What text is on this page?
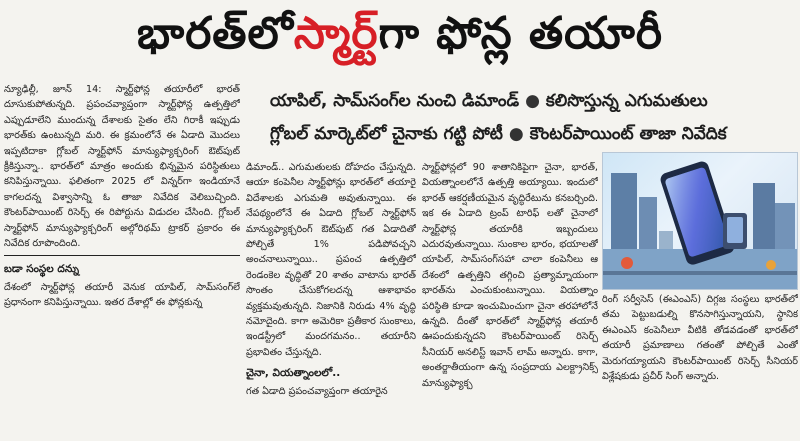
భారత్‌లో స్మార్ట్ గా ఫోన్ల తయారీ
యాపిల్, సామ్‌సంగ్‌ల నుంచి డిమాండ్ ● కలిసొస్తున్న ఎగుమతులు
గ్లోబల్ మార్కెట్‌లో చైనాకు గట్టి పోటీ ● కౌంటర్‌పాయింట్ తాజా నివేదిక

న్యూఢిల్లీ, జూన్ 14: స్మార్ట్‌ఫోన్ల తయారీలో భారత్ దూసుకుపోతున్నది. ప్రపంచవ్యాప్తంగా స్మార్ట్‌ఫోన్ల ఉత్పత్తిలో ఎప్పుడూలేని ముందున్న దేశాలకు సైతం లేని గిరాకీ ఇప్పుడు భారత్‌కు ఉంటున్నది మరి. ఈ క్రమంలోనే ఈ ఏడాది మొదలు ఇప్పటిదాకా గ్లోబల్ స్మార్ట్‌ఫోన్ మాన్యుఫ్యాక్చరింగ్ ఔట్‌పుట్ క్రీకిస్తున్నా.. భారత్‌లో మాత్రం అందుకు భిన్నమైన పరిస్థితులు కనిపిస్తున్నాయి. ఫలితంగా 2025 లో విన్నర్‌గా ఇండియానే కాగలదన్న విశ్వాసాన్ని ఓ తాజా నివేదిక వెలిబుచ్చింది. కౌంటర్‌పాయింట్ రిసెర్చ్ ఈ రిపోర్టును విడుదల చేసింది. గ్లోబల్ స్మార్ట్‌ఫోన్ మాన్యుఫ్యాక్చరింగ్ అల్గోరిథమ్ ట్రాకర్ ప్రకారం ఈ నివేదిక రూపొందింది.

బడా సంస్థల దన్ను

దేశంలో స్మార్ట్‌ఫోన్ల తయారీ వెనుక యాపిల్, సామ్‌సంగ్‌లే ప్రధానంగా కనిపిస్తున్నాయి. ఇతర దేశాల్లో ఈ ఫోన్లకున్న

డిమాండ్.. ఎగుమతులకు దోహదం చేస్తున్నది. ఆయా కంపెనీల స్మార్ట్‌ఫోన్లు భారత్‌లో తయారై విదేశాలకు ఎగుమతి అవుతున్నాయి. ఈ నేపథ్యంలోనే ఈ ఏడాది గ్లోబల్ స్మార్ట్‌ఫోన్ మాన్యుఫ్యాక్చరింగ్ ఔట్‌పుట్ గత ఏడాదితో పోల్చితే 1% పడిపోవచ్చని అంచనాలున్నాయి.. ప్రపంచ ఉత్పత్తిలో రెండంకెల వృద్ధితో 20 శాతం వాటాను భారత్ సొంతం చేసుకోగలదన్న ఆశాభావం వ్యక్తమవుతున్నది. నిజానికి నిరుడు 4% వృద్ధి నమోదైంది. కాగా అమెరికా ప్రతీకార సుంకాలు, ఇండస్ట్రీలో మందగమనం.. తయారీని ప్రభావితం చేస్తున్నది.

చైనా, వియత్నాంలలో..

గత ఏడాది ప్రపంచవ్యాప్తంగా తయారైన

స్మార్ట్‌ఫోన్లలో 90 శాతానికిపైగా చైనా, భారత్, వియత్నాంలలోనే ఉత్పత్తి అయ్యాయి. ఇందులో భారత్ ఆకర్షణీయమైన వృద్ధిరేటును కనబర్చింది. ఇక ఈ ఏడాది ట్రంప్ టారిఫ్ లతో చైనాలో స్మార్ట్‌ఫోన్ల తయారీకి ఇబ్బందులు ఎదురవుతున్నాయి. సుంకాల భారం, భయాలతో యాపిల్, సామ్‌సంగ్‌సహా చాలా కంపెనీలు ఆ దేశంలో ఉత్పత్తిని తగ్గించి ప్రత్యామ్నాయంగా భారత్‌ను ఎంచుకుంటున్నాయి. వియత్నాం పరిస్థితి కూడా ఇంచుమించుగా చైనా తరహాలోనే ఉన్నది. దీంతో భారత్‌లో స్మార్ట్‌ఫోన్ల తయారీ ఊపందుకున్నదని కౌంటర్‌పాయింట్ రిసెర్చ్ సీనియర్ అనలిస్ట్ ఇవాన్ లామ్ అన్నారు. కాగా, అంతర్జాతీయంగా ఉన్న సంప్రదాయ ఎలక్ట్రానిక్స్ మాన్యుఫ్యాక్చ

రింగ్ సర్వీసెస్ (ఈఎంఎస్) దిగ్గజ సంస్థలు భారత్‌లో తమ పెట్టుబడుల్ని కొనసాగిస్తున్నాయని, స్థానిక ఈఎంఎస్ కంపెనీలూ వీటికి తోడవడంతో భారత్‌లో తయారీ ప్రమాణాలు గతంతో పోల్చితే ఎంతో మెరుగయ్యాయని కౌంటర్‌పాయింట్ రిసెర్చ్ సీనియర్ విశ్లేషకుడు ప్రచీర్ సింగ్ అన్నారు.
